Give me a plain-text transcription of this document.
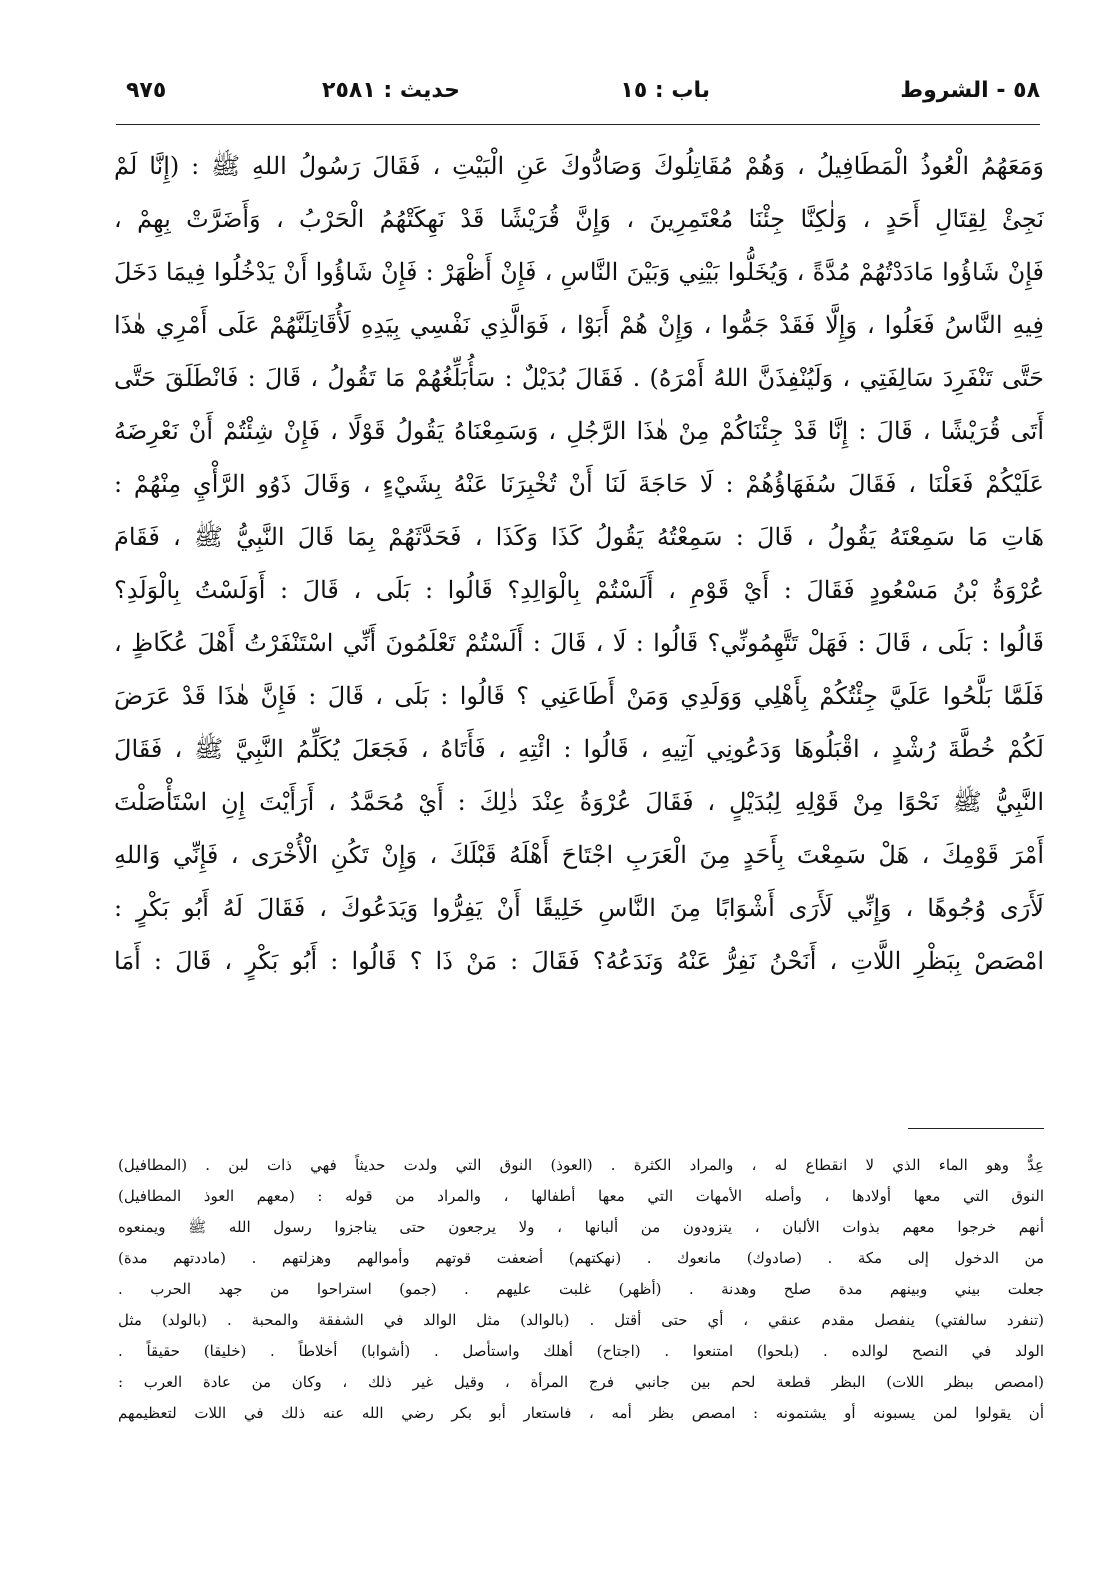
٥٨ - الشروط
باب : ١٥
حديث : ٢٥٨١
٩٧٥
وَمَعَهُمُ الْعُوذُ الْمَطَافِيلُ ، وَهُمْ مُقَاتِلُوكَ وَصَادُّوكَ عَنِ الْبَيْتِ ، فَقَالَ رَسُولُ اللهِ ﷺ : (إِنَّا لَمْ
نَجِئْ لِقِتَالِ أَحَدٍ ، وَلٰكِنَّا جِئْنَا مُعْتَمِرِينَ ، وَإِنَّ قُرَيْشًا قَدْ نَهِكَتْهُمُ الْحَرْبُ ، وَأَضَرَّتْ بِهِمْ ،
فَإِنْ شَاؤُوا مَادَدْتُهُمْ مُدَّةً ، وَيُخَلُّوا بَيْنِي وَبَيْنَ النَّاسِ ، فَإِنْ أَظْهَرْ : فَإِنْ شَاؤُوا أَنْ يَدْخُلُوا فِيمَا دَخَلَ
فِيهِ النَّاسُ فَعَلُوا ، وَإِلَّا فَقَدْ جَمُّوا ، وَإِنْ هُمْ أَبَوْا ، فَوَالَّذِي نَفْسِي بِيَدِهِ لَأُقَاتِلَنَّهُمْ عَلَى أَمْرِي هٰذَا
حَتَّى تَنْفَرِدَ سَالِفَتِي ، وَلَيُنْفِذَنَّ اللهُ أَمْرَهُ) . فَقَالَ بُدَيْلٌ : سَأُبَلِّغُهُمْ مَا تَقُولُ ، قَالَ : فَانْطَلَقَ حَتَّى
أَتَى قُرَيْشًا ، قَالَ : إِنَّا قَدْ جِئْنَاكُمْ مِنْ هٰذَا الرَّجُلِ ، وَسَمِعْنَاهُ يَقُولُ قَوْلًا ، فَإِنْ شِئْتُمْ أَنْ نَعْرِضَهُ
عَلَيْكُمْ فَعَلْنَا ، فَقَالَ سُفَهَاؤُهُمْ : لَا حَاجَةَ لَنَا أَنْ تُخْبِرَنَا عَنْهُ بِشَيْءٍ ، وَقَالَ ذَوُو الرَّأْيِ مِنْهُمْ :
هَاتِ مَا سَمِعْتَهُ يَقُولُ ، قَالَ : سَمِعْتُهُ يَقُولُ كَذَا وَكَذَا ، فَحَدَّثَهُمْ بِمَا قَالَ النَّبِيُّ ﷺ ، فَقَامَ
عُرْوَةُ بْنُ مَسْعُودٍ فَقَالَ : أَيْ قَوْمِ ، أَلَسْتُمْ بِالْوَالِدِ؟ قَالُوا : بَلَى ، قَالَ : أَوَلَسْتُ بِالْوَلَدِ؟
قَالُوا : بَلَى ، قَالَ : فَهَلْ تَتَّهِمُونِّي؟ قَالُوا : لَا ، قَالَ : أَلَسْتُمْ تَعْلَمُونَ أَنِّي اسْتَنْفَرْتُ أَهْلَ عُكَاظٍ ،
فَلَمَّا بَلَّحُوا عَلَيَّ جِئْتُكُمْ بِأَهْلِي وَوَلَدِي وَمَنْ أَطَاعَنِي ؟ قَالُوا : بَلَى ، قَالَ : فَإِنَّ هٰذَا قَدْ عَرَضَ
لَكُمْ خُطَّةَ رُشْدٍ ، اقْبَلُوهَا وَدَعُونِي آتِيهِ ، قَالُوا : ائْتِهِ ، فَأَتَاهُ ، فَجَعَلَ يُكَلِّمُ النَّبِيَّ ﷺ ، فَقَالَ
النَّبِيُّ ﷺ نَحْوًا مِنْ قَوْلِهِ لِبُدَيْلٍ ، فَقَالَ عُرْوَةُ عِنْدَ ذٰلِكَ : أَيْ مُحَمَّدُ ، أَرَأَيْتَ إِنِ اسْتَأْصَلْتَ
أَمْرَ قَوْمِكَ ، هَلْ سَمِعْتَ بِأَحَدٍ مِنَ الْعَرَبِ اجْتَاحَ أَهْلَهُ قَبْلَكَ ، وَإِنْ تَكُنِ الْأُخْرَى ، فَإِنِّي وَاللهِ
لَأَرَى وُجُوهًا ، وَإِنِّي لَأَرَى أَشْوَابًا مِنَ النَّاسِ خَلِيقًا أَنْ يَفِرُّوا وَيَدَعُوكَ ، فَقَالَ لَهُ أَبُو بَكْرٍ :
امْصَصْ بِبَظْرِ اللَّاتِ ، أَنَحْنُ نَفِرُّ عَنْهُ وَنَدَعُهُ؟ فَقَالَ : مَنْ ذَا ؟ قَالُوا : أَبُو بَكْرٍ ، قَالَ : أَمَا
عِدٌّ وهو الماء الذي لا انقطاع له ، والمراد الكثرة . (العوذ) النوق التي ولدت حديثاً فهي ذات لبن . (المطافيل)
النوق التي معها أولادها ، وأصله الأمهات التي معها أطفالها ، والمراد من قوله : (معهم العوذ المطافيل)
أنهم خرجوا معهم بذوات الألبان ، يتزودون من ألبانها ، ولا يرجعون حتى يناجزوا رسول الله ﷺ ويمنعوه
من الدخول إلى مكة . (صادوك) مانعوك . (نهكتهم) أضعفت قوتهم وأموالهم وهزلتهم . (ماددتهم مدة)
جعلت بيني وبينهم مدة صلح وهدنة . (أظهر) غلبت عليهم . (جمو) استراحوا من جهد الحرب .
(تنفرد سالفتي) ينفصل مقدم عنقي ، أي حتى أقتل . (بالوالد) مثل الوالد في الشفقة والمحبة . (بالولد) مثل
الولد في النصح لوالده . (بلحوا) امتنعوا . (اجتاح) أهلك واستأصل . (أشوابا) أخلاطاً . (خليقا) حقيقاً .
(امصص ببظر اللات) البظر قطعة لحم بين جانبي فرج المرأة ، وقيل غير ذلك ، وكان من عادة العرب :
أن يقولوا لمن يسبونه أو يشتمونه : امصص بظر أمه ، فاستعار أبو بكر رضي الله عنه ذلك في اللات لتعظيمهم
